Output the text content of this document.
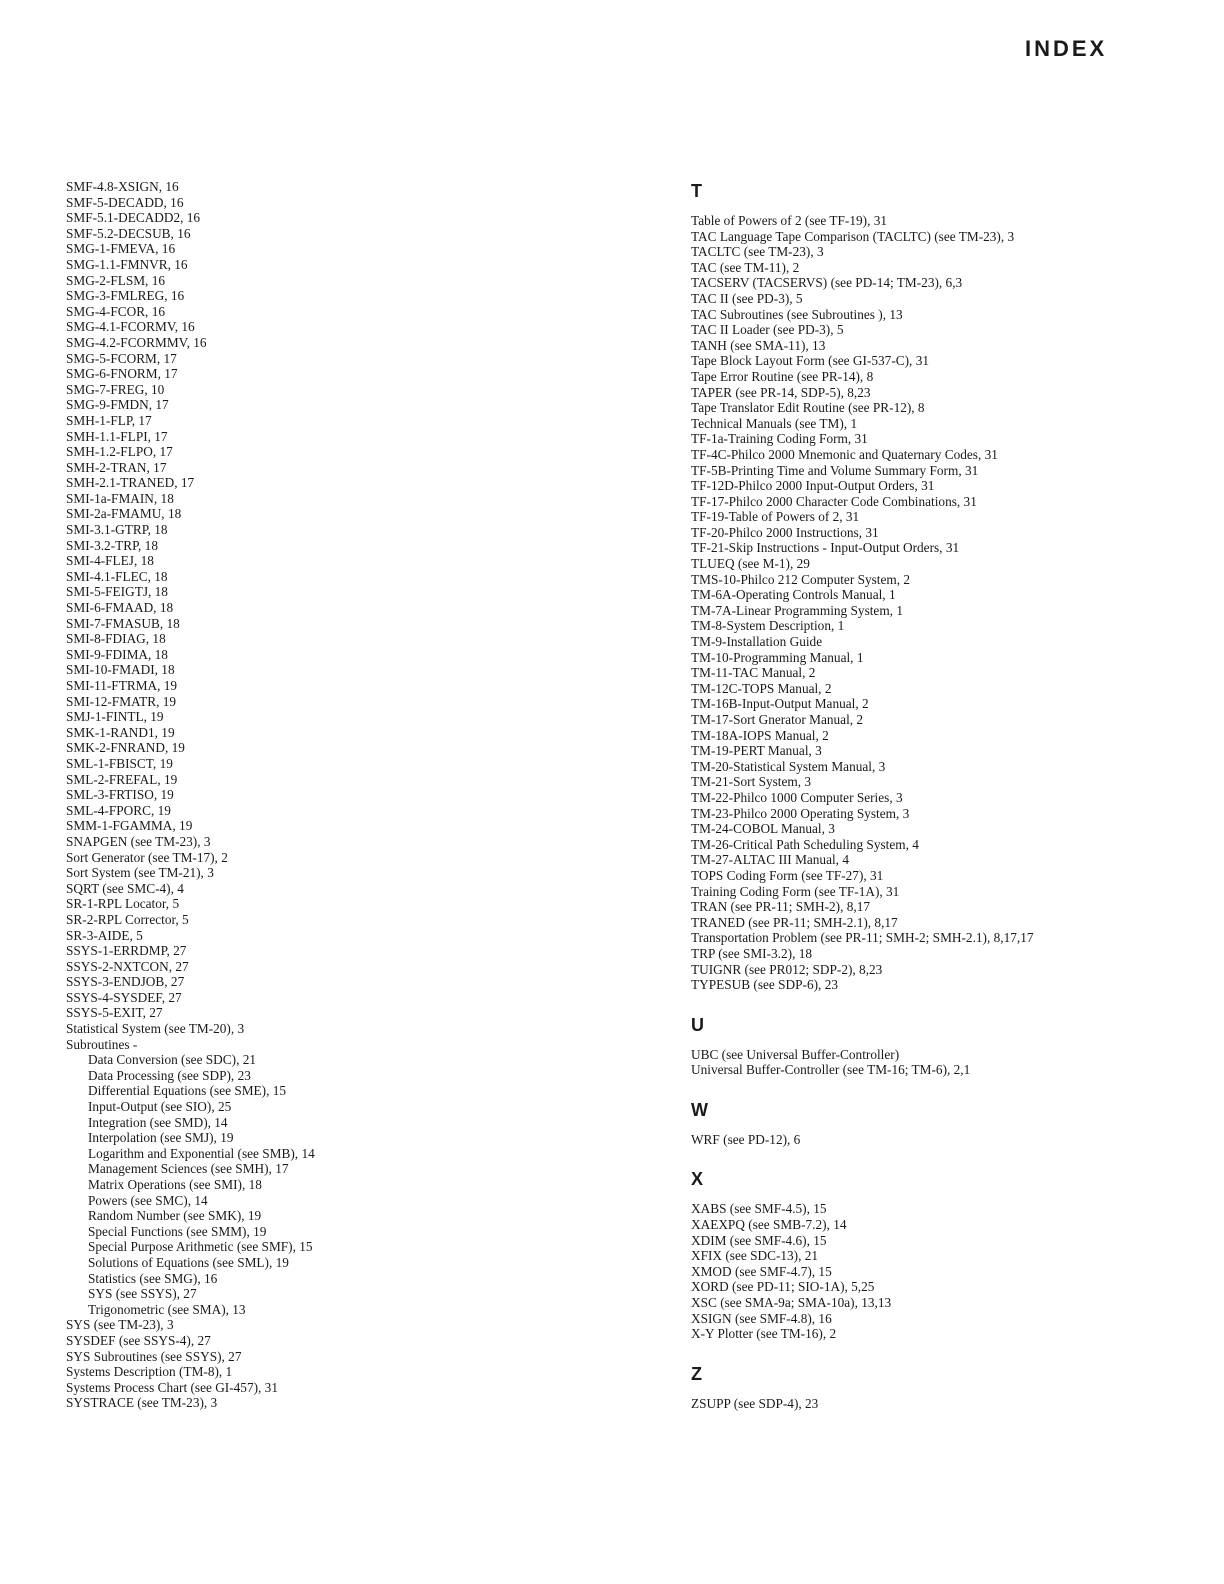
INDEX
SMF-4.8-XSIGN, 16
SMF-5-DECADD, 16
SMF-5.1-DECADD2, 16
SMF-5.2-DECSUB, 16
SMG-1-FMEVA, 16
SMG-1.1-FMNVR, 16
SMG-2-FLSM, 16
SMG-3-FMLREG, 16
SMG-4-FCOR, 16
SMG-4.1-FCORMV, 16
SMG-4.2-FCORMMV, 16
SMG-5-FCORM, 17
SMG-6-FNORM, 17
SMG-7-FREG, 10
SMG-9-FMDN, 17
SMH-1-FLP, 17
SMH-1.1-FLPI, 17
SMH-1.2-FLPO, 17
SMH-2-TRAN, 17
SMH-2.1-TRANED, 17
SMI-1a-FMAIN, 18
SMI-2a-FMAMU, 18
SMI-3.1-GTRP, 18
SMI-3.2-TRP, 18
SMI-4-FLEJ, 18
SMI-4.1-FLEC, 18
SMI-5-FEIGTJ, 18
SMI-6-FMAAD, 18
SMI-7-FMASUB, 18
SMI-8-FDIAG, 18
SMI-9-FDIMA, 18
SMI-10-FMADI, 18
SMI-11-FTRMA, 19
SMI-12-FMATR, 19
SMJ-1-FINTL, 19
SMK-1-RAND1, 19
SMK-2-FNRAND, 19
SML-1-FBISCT, 19
SML-2-FREFAL, 19
SML-3-FRTISO, 19
SML-4-FPORC, 19
SMM-1-FGAMMA, 19
SNAPGEN (see TM-23), 3
Sort Generator (see TM-17), 2
Sort System (see TM-21), 3
SQRT (see SMC-4), 4
SR-1-RPL Locator, 5
SR-2-RPL Corrector, 5
SR-3-AIDE, 5
SSYS-1-ERRDMP, 27
SSYS-2-NXTCON, 27
SSYS-3-ENDJOB, 27
SSYS-4-SYSDEF, 27
SSYS-5-EXIT, 27
Statistical System (see TM-20), 3
Subroutines -
Data Conversion (see SDC), 21
Data Processing (see SDP), 23
Differential Equations (see SME), 15
Input-Output (see SIO), 25
Integration (see SMD), 14
Interpolation (see SMJ), 19
Logarithm and Exponential (see SMB), 14
Management Sciences (see SMH), 17
Matrix Operations (see SMI), 18
Powers (see SMC), 14
Random Number (see SMK), 19
Special Functions (see SMM), 19
Special Purpose Arithmetic (see SMF), 15
Solutions of Equations (see SML), 19
Statistics (see SMG), 16
SYS (see SSYS), 27
Trigonometric (see SMA), 13
SYS (see TM-23), 3
SYSDEF (see SSYS-4), 27
SYS Subroutines (see SSYS), 27
Systems Description (TM-8), 1
Systems Process Chart (see GI-457), 31
SYSTRACE (see TM-23), 3
T
Table of Powers of 2 (see TF-19), 31
TAC Language Tape Comparison (TACLTC) (see TM-23), 3
TACLTC (see TM-23), 3
TAC (see TM-11), 2
TACSERV (TACSERVS) (see PD-14; TM-23), 6,3
TAC II (see PD-3), 5
TAC Subroutines (see Subroutines ), 13
TAC II Loader (see PD-3), 5
TANH (see SMA-11), 13
Tape Block Layout Form (see GI-537-C), 31
Tape Error Routine (see PR-14), 8
TAPER (see PR-14, SDP-5), 8,23
Tape Translator Edit Routine (see PR-12), 8
Technical Manuals (see TM), 1
TF-1a-Training Coding Form, 31
TF-4C-Philco 2000 Mnemonic and Quaternary Codes, 31
TF-5B-Printing Time and Volume Summary Form, 31
TF-12D-Philco 2000 Input-Output Orders, 31
TF-17-Philco 2000 Character Code Combinations, 31
TF-19-Table of Powers of 2, 31
TF-20-Philco 2000 Instructions, 31
TF-21-Skip Instructions - Input-Output Orders, 31
TLUEQ (see M-1), 29
TMS-10-Philco 212 Computer System, 2
TM-6A-Operating Controls Manual, 1
TM-7A-Linear Programming System, 1
TM-8-System Description, 1
TM-9-Installation Guide
TM-10-Programming Manual, 1
TM-11-TAC Manual, 2
TM-12C-TOPS Manual, 2
TM-16B-Input-Output Manual, 2
TM-17-Sort Gnerator Manual, 2
TM-18A-IOPS Manual, 2
TM-19-PERT Manual, 3
TM-20-Statistical System Manual, 3
TM-21-Sort System, 3
TM-22-Philco 1000 Computer Series, 3
TM-23-Philco 2000 Operating System, 3
TM-24-COBOL Manual, 3
TM-26-Critical Path Scheduling System, 4
TM-27-ALTAC III Manual, 4
TOPS Coding Form (see TF-27), 31
Training Coding Form (see TF-1A), 31
TRAN (see PR-11; SMH-2), 8,17
TRANED (see PR-11; SMH-2.1), 8,17
Transportation Problem (see PR-11; SMH-2; SMH-2.1), 8,17,17
TRP (see SMI-3.2), 18
TUIGNR (see PR012; SDP-2), 8,23
TYPESUB (see SDP-6), 23
U
UBC (see Universal Buffer-Controller)
Universal Buffer-Controller (see TM-16; TM-6), 2,1
W
WRF (see PD-12), 6
X
XABS (see SMF-4.5), 15
XAEXPQ (see SMB-7.2), 14
XDIM (see SMF-4.6), 15
XFIX (see SDC-13), 21
XMOD (see SMF-4.7), 15
XORD (see PD-11; SIO-1A), 5,25
XSC (see SMA-9a; SMA-10a), 13,13
XSIGN (see SMF-4.8), 16
X-Y Plotter (see TM-16), 2
Z
ZSUPP (see SDP-4), 23
